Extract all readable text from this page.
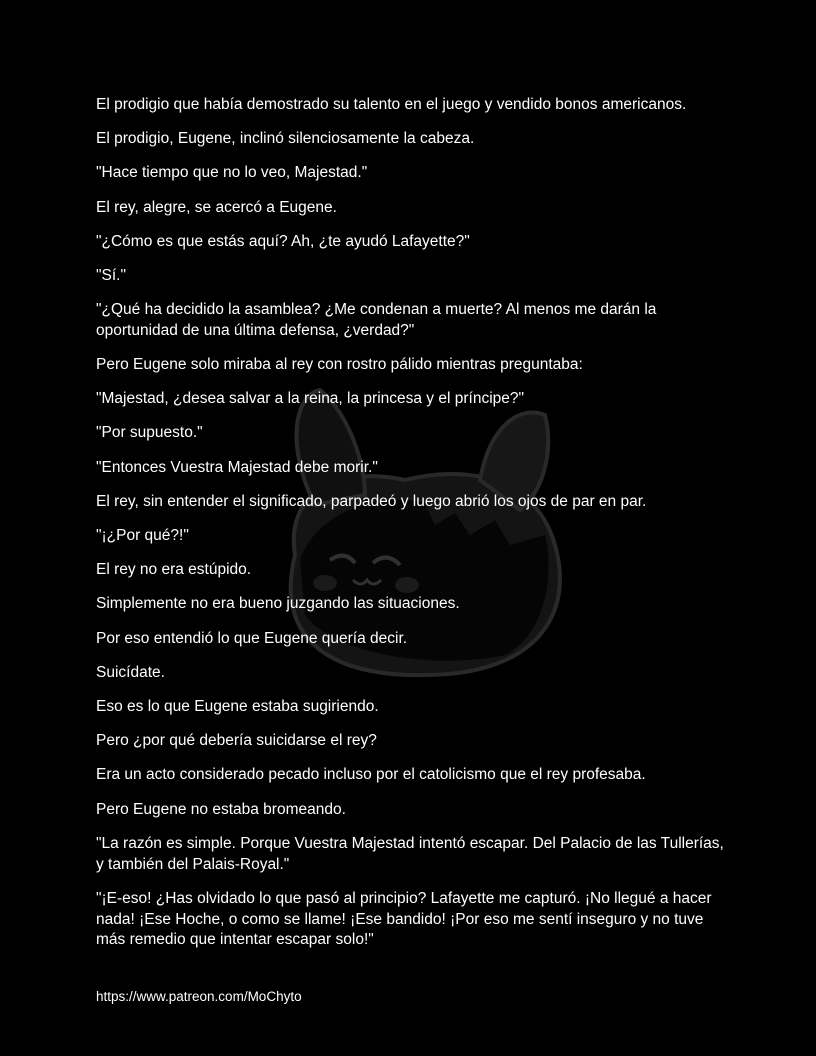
El prodigio que había demostrado su talento en el juego y vendido bonos americanos.

El prodigio, Eugene, inclinó silenciosamente la cabeza.

"Hace tiempo que no lo veo, Majestad."

El rey, alegre, se acercó a Eugene.

"¿Cómo es que estás aquí? Ah, ¿te ayudó Lafayette?"

"Sí."

"¿Qué ha decidido la asamblea? ¿Me condenan a muerte? Al menos me darán la oportunidad de una última defensa, ¿verdad?"

Pero Eugene solo miraba al rey con rostro pálido mientras preguntaba:

"Majestad, ¿desea salvar a la reina, la princesa y el príncipe?"

"Por supuesto."

"Entonces Vuestra Majestad debe morir."

El rey, sin entender el significado, parpadeó y luego abrió los ojos de par en par.

"¡¿Por qué?!"

El rey no era estúpido.

Simplemente no era bueno juzgando las situaciones.

Por eso entendió lo que Eugene quería decir.

Suicídate.

Eso es lo que Eugene estaba sugiriendo.

Pero ¿por qué debería suicidarse el rey?

Era un acto considerado pecado incluso por el catolicismo que el rey profesaba.

Pero Eugene no estaba bromeando.

"La razón es simple. Porque Vuestra Majestad intentó escapar. Del Palacio de las Tullerías, y también del Palais-Royal."

"¡E-eso! ¿Has olvidado lo que pasó al principio? Lafayette me capturó. ¡No llegué a hacer nada! ¡Ese Hoche, o como se llame! ¡Ese bandido! ¡Por eso me sentí inseguro y no tuve más remedio que intentar escapar solo!"

https://www.patreon.com/MoChyto
